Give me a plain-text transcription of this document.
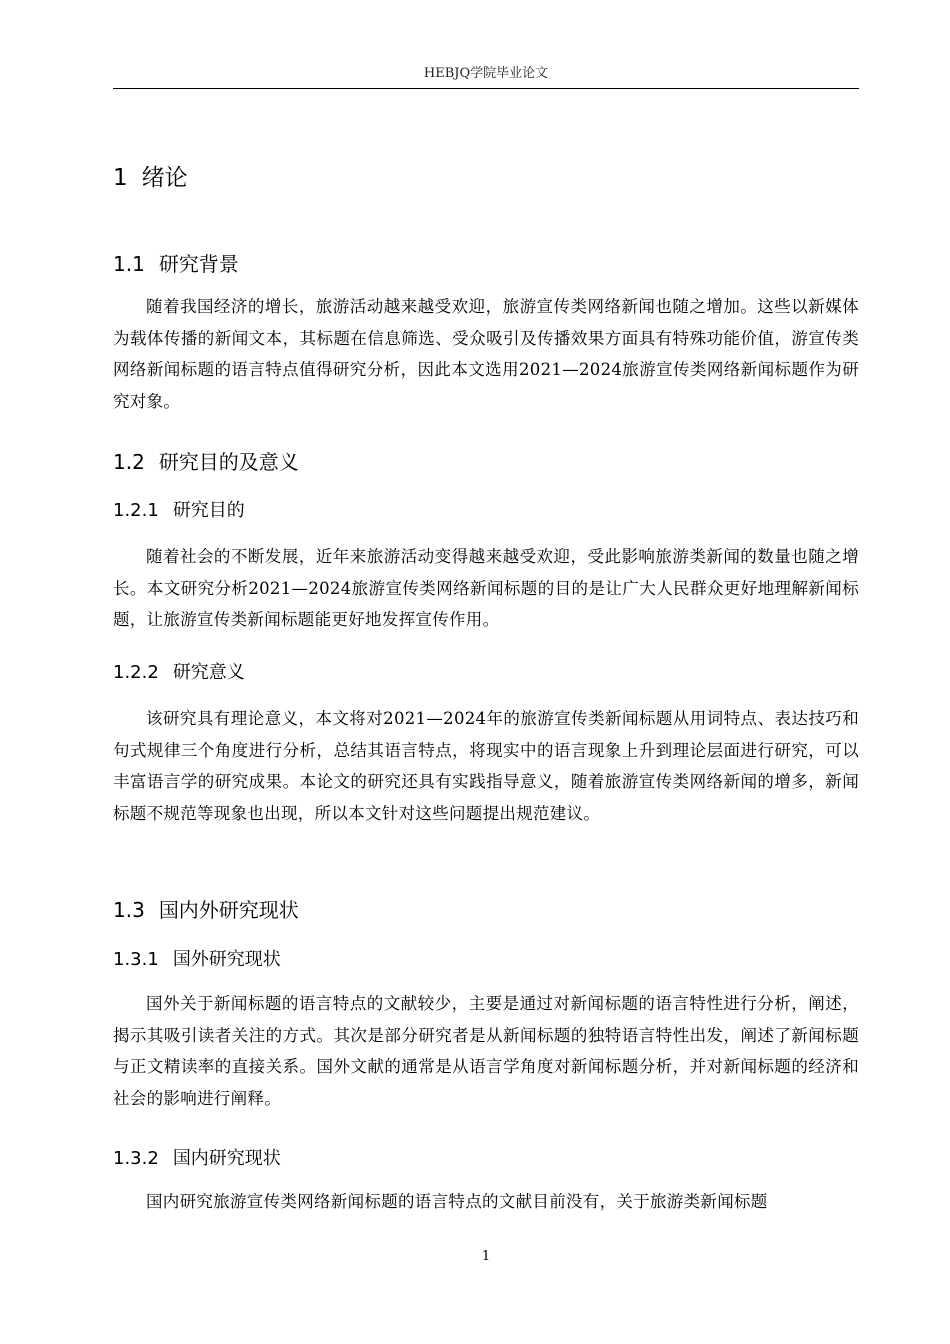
HEBJQ学院毕业论文
1 绪论
1.1 研究背景

随着我国经济的增长，旅游活动越来越受欢迎，旅游宣传类网络新闻也随之增加。这些以新媒体为载体传播的新闻文本，其标题在信息筛选、受众吸引及传播效果方面具有特殊功能价值，游宣传类网络新闻标题的语言特点值得研究分析，因此本文选用2021—2024旅游宣传类网络新闻标题作为研究对象。

1.2 研究目的及意义
1.2.1 研究目的

随着社会的不断发展，近年来旅游活动变得越来越受欢迎，受此影响旅游类新闻的数量也随之增长。本文研究分析2021—2024旅游宣传类网络新闻标题的目的是让广大人民群众更好地理解新闻标题，让旅游宣传类新闻标题能更好地发挥宣传作用。

1.2.2 研究意义

该研究具有理论意义，本文将对2021—2024年的旅游宣传类新闻标题从用词特点、表达技巧和句式规律三个角度进行分析，总结其语言特点，将现实中的语言现象上升到理论层面进行研究，可以丰富语言学的研究成果。本论文的研究还具有实践指导意义，随着旅游宣传类网络新闻的增多，新闻标题不规范等现象也出现，所以本文针对这些问题提出规范建议。

1.3 国内外研究现状
1.3.1 国外研究现状

国外关于新闻标题的语言特点的文献较少，主要是通过对新闻标题的语言特性进行分析，阐述，揭示其吸引读者关注的方式。其次是部分研究者是从新闻标题的独特语言特性出发，阐述了新闻标题与正文精读率的直接关系。国外文献的通常是从语言学角度对新闻标题分析，并对新闻标题的经济和社会的影响进行阐释。

1.3.2 国内研究现状

国内研究旅游宣传类网络新闻标题的语言特点的文献目前没有，关于旅游类新闻标题

1
